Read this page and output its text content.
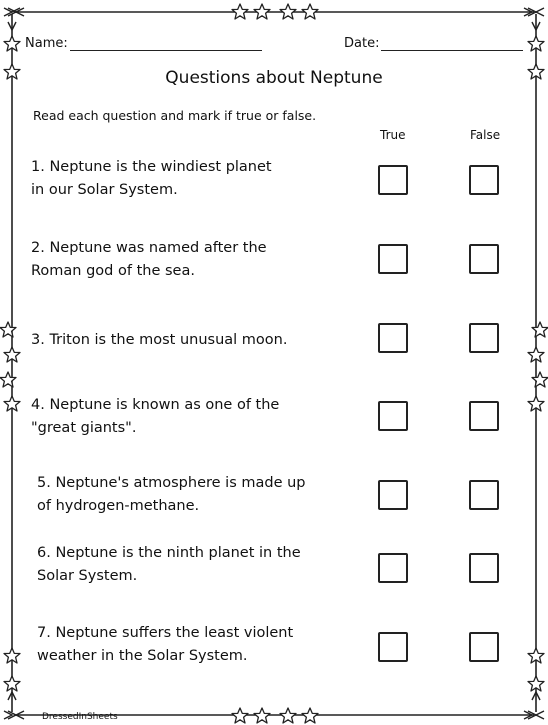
Name:	Date:
Questions about Neptune
Read each question and mark if true or false.
True	False
1. Neptune is the windiest planet
in our Solar System.
2. Neptune was named after the
Roman god of the sea.
3. Triton is the most unusual moon.
4. Neptune is known as one of the
"great giants".
5. Neptune's atmosphere is made up
of hydrogen-methane.
6. Neptune is the ninth planet in the
Solar System.
7. Neptune suffers the least violent
weather in the Solar System.
DressedInSheets
